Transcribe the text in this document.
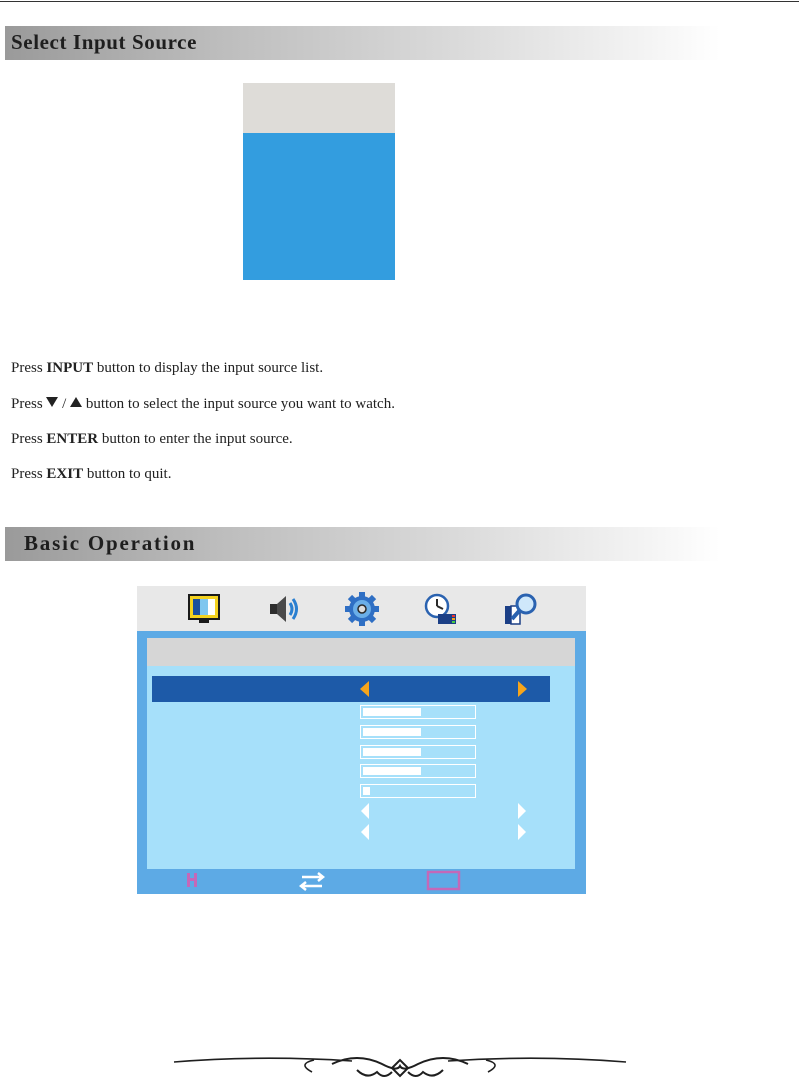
Select Input Source
Press INPUT button to display the input source list.
Press  /  button to select the input source you want to watch.
Press ENTER button to enter the input source.
Press EXIT button to quit.
Basic Operation
